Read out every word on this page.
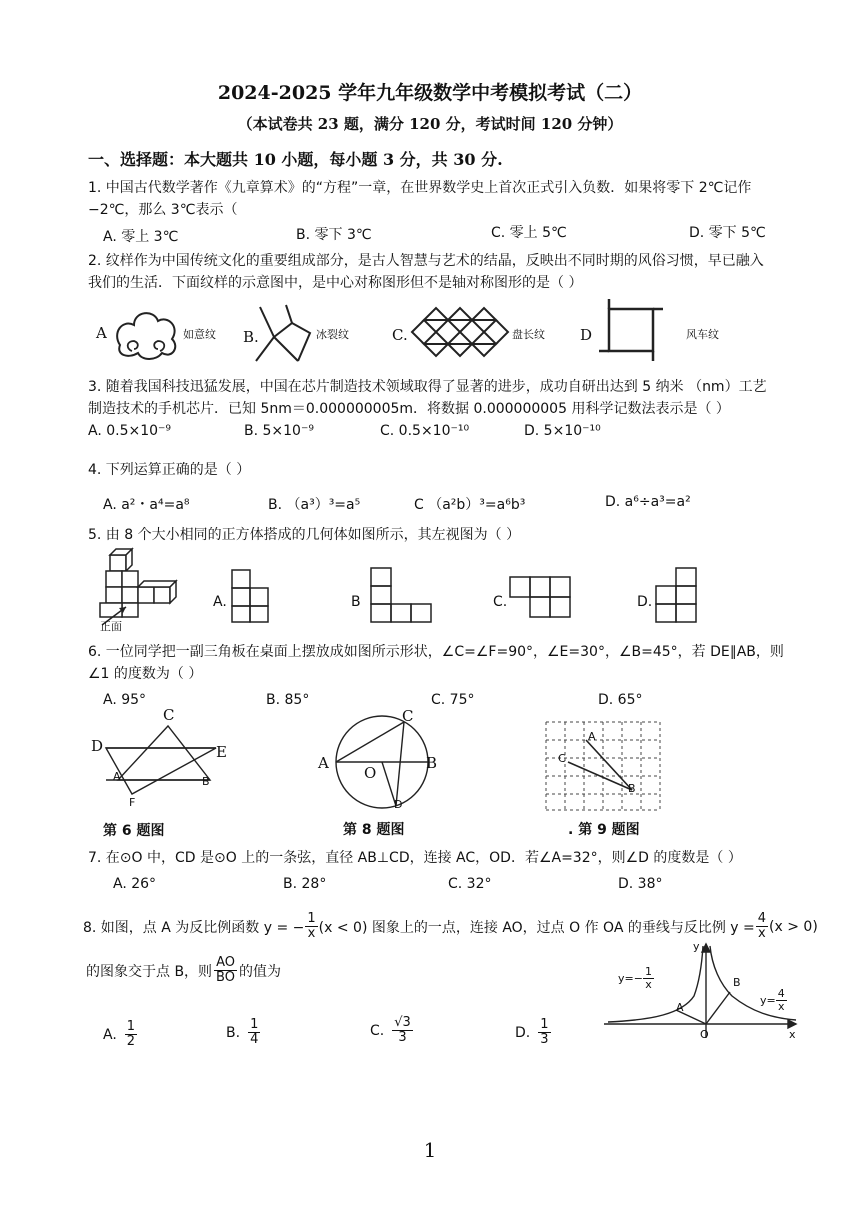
2024-2025 学年九年级数学中考模拟考试（二）
（本试卷共 23 题，满分 120 分，考试时间 120 分钟）
一、选择题：本大题共 10 小题，每小题 3 分，共 30 分.
1. 中国古代数学著作《九章算术》的“方程”一章，在世界数学史上首次正式引入负数．如果将零下 2℃记作
−2℃，那么 3℃表示（
A. 零上 3℃	B. 零下 3℃	C. 零上 5℃	D. 零下 5℃
2. 纹样作为中国传统文化的重要组成部分，是古人智慧与艺术的结晶，反映出不同时期的风俗习惯，早已融入
我们的生活．下面纹样的示意图中，是中心对称图形但不是轴对称图形的是（ ）
A	如意纹 B.	冰裂纹	C.	盘长纹 D	风车纹
3. 随着我国科技迅猛发展，中国在芯片制造技术领域取得了显著的进步，成功自研出达到 5 纳米 （nm）工艺
制造技术的手机芯片．已知 5nm＝0.000000005m．将数据 0.000000005 用科学记数法表示是（ ）
A. 0.5×10⁻⁹	B. 5×10⁻⁹	C. 0.5×10⁻¹⁰	D. 5×10⁻¹⁰
4. 下列运算正确的是（ ）
A. a²・a⁴=a⁸	B. （a³）³=a⁵	C （a²b）³=a⁶b³	D. a⁶÷a³=a²
5. 由 8 个大小相同的正方体搭成的几何体如图所示，其左视图为（ ）
正面
A.	B	C.	D.
6. 一位同学把一副三角板在桌面上摆放成如图所示形状，∠C=∠F=90°，∠E=30°，∠B=45°，若 DE∥AB，则
∠1 的度数为（ ）
A. 95°	B. 85°	C. 75°	D. 65°
C
D	E
A	B
F
第 6 题图
C
A
O
B
D
第 8 题图
A
C
B
. 第 9 题图
7. 在⊙O 中，CD 是⊙O 上的一条弦，直径 AB⊥CD，连接 AC，OD．若∠A=32°，则∠D 的度数是（ ）
A. 26°	B. 28°	C. 32°	D. 38°
8. 如图，点 A 为反比例函数 y = − $\frac{1}{x} (x < 0)$ 图象上的一点，连接 AO，过点 O 作 OA 的垂线与反比例 $y = \frac{4}{x} (x > 0)$
的图象交于点 B，则 $\frac{AO}{BO}$ 的值为
A. $\frac{1}{2}$	B. $\frac{1}{4}$	C. $\frac{√3}{3}$	D. $\frac{1}{3}$
y
x
A
B
O
$y=- \frac{1}{x}$
$y= \frac{4}{x}$
1
